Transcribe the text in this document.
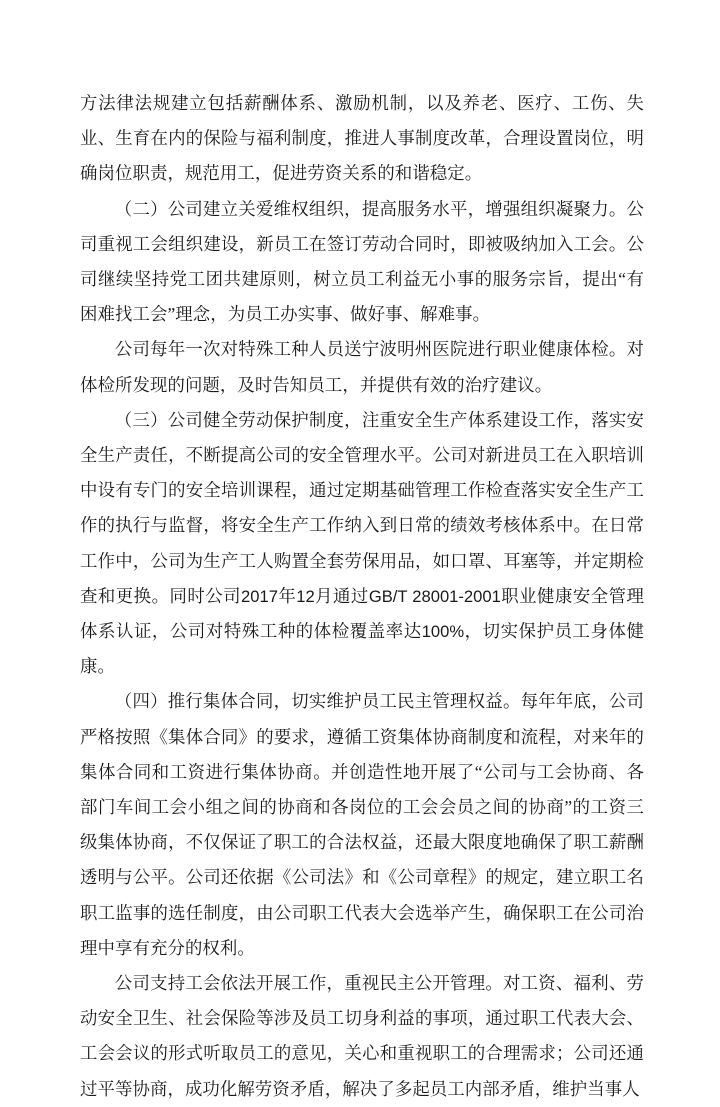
方法律法规建立包括薪酬体系、激励机制，以及养老、医疗、工伤、失业、生育在内的保险与福利制度，推进人事制度改革，合理设置岗位，明确岗位职责，规范用工，促进劳资关系的和谐稳定。

（二）公司建立关爱维权组织，提高服务水平，增强组织凝聚力。公司重视工会组织建设，新员工在签订劳动合同时，即被吸纳加入工会。公司继续坚持党工团共建原则，树立员工利益无小事的服务宗旨，提出“有困难找工会”理念，为员工办实事、做好事、解难事。

公司每年一次对特殊工种人员送宁波明州医院进行职业健康体检。对体检所发现的问题，及时告知员工，并提供有效的治疗建议。

（三）公司健全劳动保护制度，注重安全生产体系建设工作，落实安全生产责任，不断提高公司的安全管理水平。公司对新进员工在入职培训中设有专门的安全培训课程，通过定期基础管理工作检查落实安全生产工作的执行与监督，将安全生产工作纳入到日常的绩效考核体系中。在日常工作中，公司为生产工人购置全套劳保用品，如口罩、耳塞等，并定期检查和更换。同时公司2017年12月通过GB/T 28001-2001职业健康安全管理体系认证，公司对特殊工种的体检覆盖率达100%，切实保护员工身体健康。

（四）推行集体合同，切实维护员工民主管理权益。每年年底，公司严格按照《集体合同》的要求，遵循工资集体协商制度和流程，对来年的集体合同和工资进行集体协商。并创造性地开展了“公司与工会协商、各部门车间工会小组之间的协商和各岗位的工会会员之间的协商”的工资三级集体协商，不仅保证了职工的合法权益，还最大限度地确保了职工薪酬透明与公平。公司还依据《公司法》和《公司章程》的规定，建立职工名职工监事的选任制度，由公司职工代表大会选举产生，确保职工在公司治理中享有充分的权利。

公司支持工会依法开展工作，重视民主公开管理。对工资、福利、劳动安全卫生、社会保险等涉及员工切身利益的事项，通过职工代表大会、工会会议的形式听取员工的意见，关心和重视职工的合理需求；公司还通过平等协商，成功化解劳资矛盾，解决了多起员工内部矛盾，维护当事人
